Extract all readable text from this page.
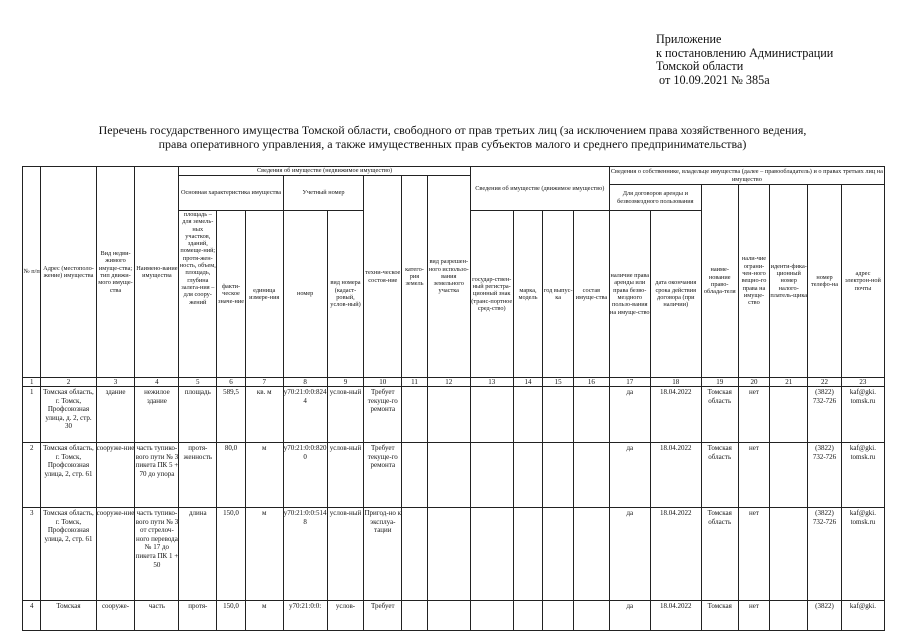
Приложение
к постановлению Администрации
Томской области
от 10.09.2021 № 385а
Перечень государственного имущества Томской области, свободного от прав третьих лиц (за исключением права хозяйственного ведения,
права оперативного управления, а также имущественных прав субъектов малого и среднего предпринимательства)
№ п/п	Адрес (местополо-жение) имущества	Вид недви-жимого имуще-ства; тип движи-мого имуще-ства	Наимено-вание имущества	Сведения об имуществе (недвижимое имущество)								Сведения об имуществе (движимое имущество)				Сведения о собственнике, владельце имущества (далее – правообладатель) и о правах третьих лиц на имущество						
				Основная характеристика имущества			Учетный номер		техни-ческое состоя-ние	катего-рия земель	вид разрешен-ного использо-вания земельного участка											
																Для договоров аренды и безвозмездного пользования		наиме-нование право-облада-теля	нали-чие ограни-чен-ного вещно-го права на имуще-ство	иденти-фика-ционный номер налого-платель-щика	номер телефо-на	адрес электрон-ной почты
				площадь – для земель-ных участков, зданий, помеще-ний; протя-жен-ность, объем, площадь, глубина залега-ния – для соору-жений	факти-ческое значе-ние	единица измере-ния	номер	вид номера (кадаст-ровый, услов-ный)				государ-ствен-ный регистра-ционный знак (транс-портное сред-ство)	марка, модель	год выпус-ка	состав имуще-ства	наличие права аренды или права безво-мездного пользо-вания на имуще-ство	дата окончания срока действия договора (при наличии)					
1	2	3	4	5	6	7	8	9	10	11	12	13	14	15	16	17	18	19	20	21	22	23
1	Томская область, г. Томск, Профсоюзная улица, д. 2, стр. 30	здание	нежилое здание	площадь	589,5	кв. м	у70:21:0:0:8244	услов-ный	Требует текуще-го ремонта							да	18.04.2022	Томская область	нет		(3822) 732-726	kaf@gki. tomsk.ru
2	Томская область, г. Томск, Профсоюзная улица, 2, стр. 61	сооруже-ние	часть тупико-вого пути № 3 пикета ПК 5 + 70 до упора	протя-женность	80,0	м	у70:21:0:0:8200	услов-ный	Требует текуще-го ремонта							да	18.04.2022	Томская область	нет		(3822) 732-726	kaf@gki. tomsk.ru
3	Томская область, г. Томск, Профсоюзная улица, 2, стр. 61	сооруже-ние	часть тупико-вого пути № 3 от стрелоч-ного перевода № 17 до пикета ПК 1 + 50	длина	150,0	м	у70:21:0:0:5148	услов-ный	Пригод-но к эксплуа-тации							да	18.04.2022	Томская область	нет		(3822) 732-726	kaf@gki. tomsk.ru
4	Томская	сооруже-	часть	протя-	150,0	м	у70:21:0:0:	услов-	Требует							да	18.04.2022	Томская	нет		(3822)	kaf@gki.
